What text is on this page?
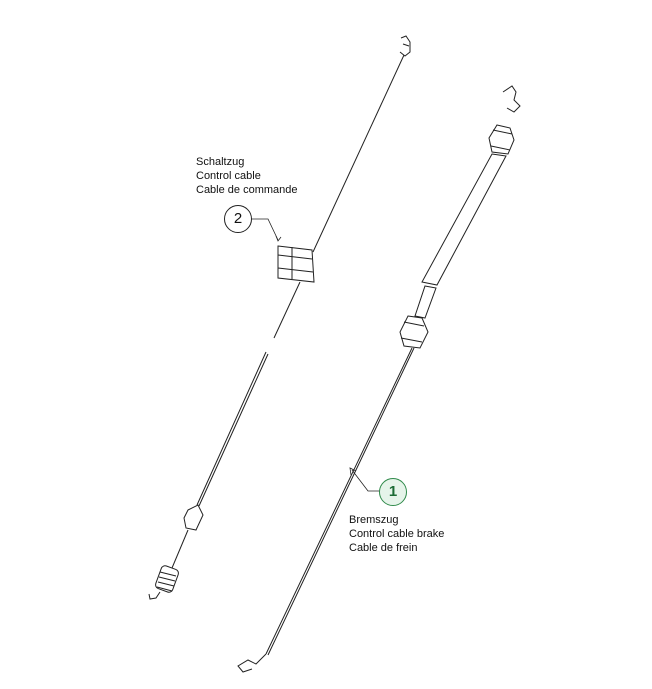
2
Schaltzug
Control cable
Cable de commande
1
Bremszug
Control cable brake
Cable de frein
